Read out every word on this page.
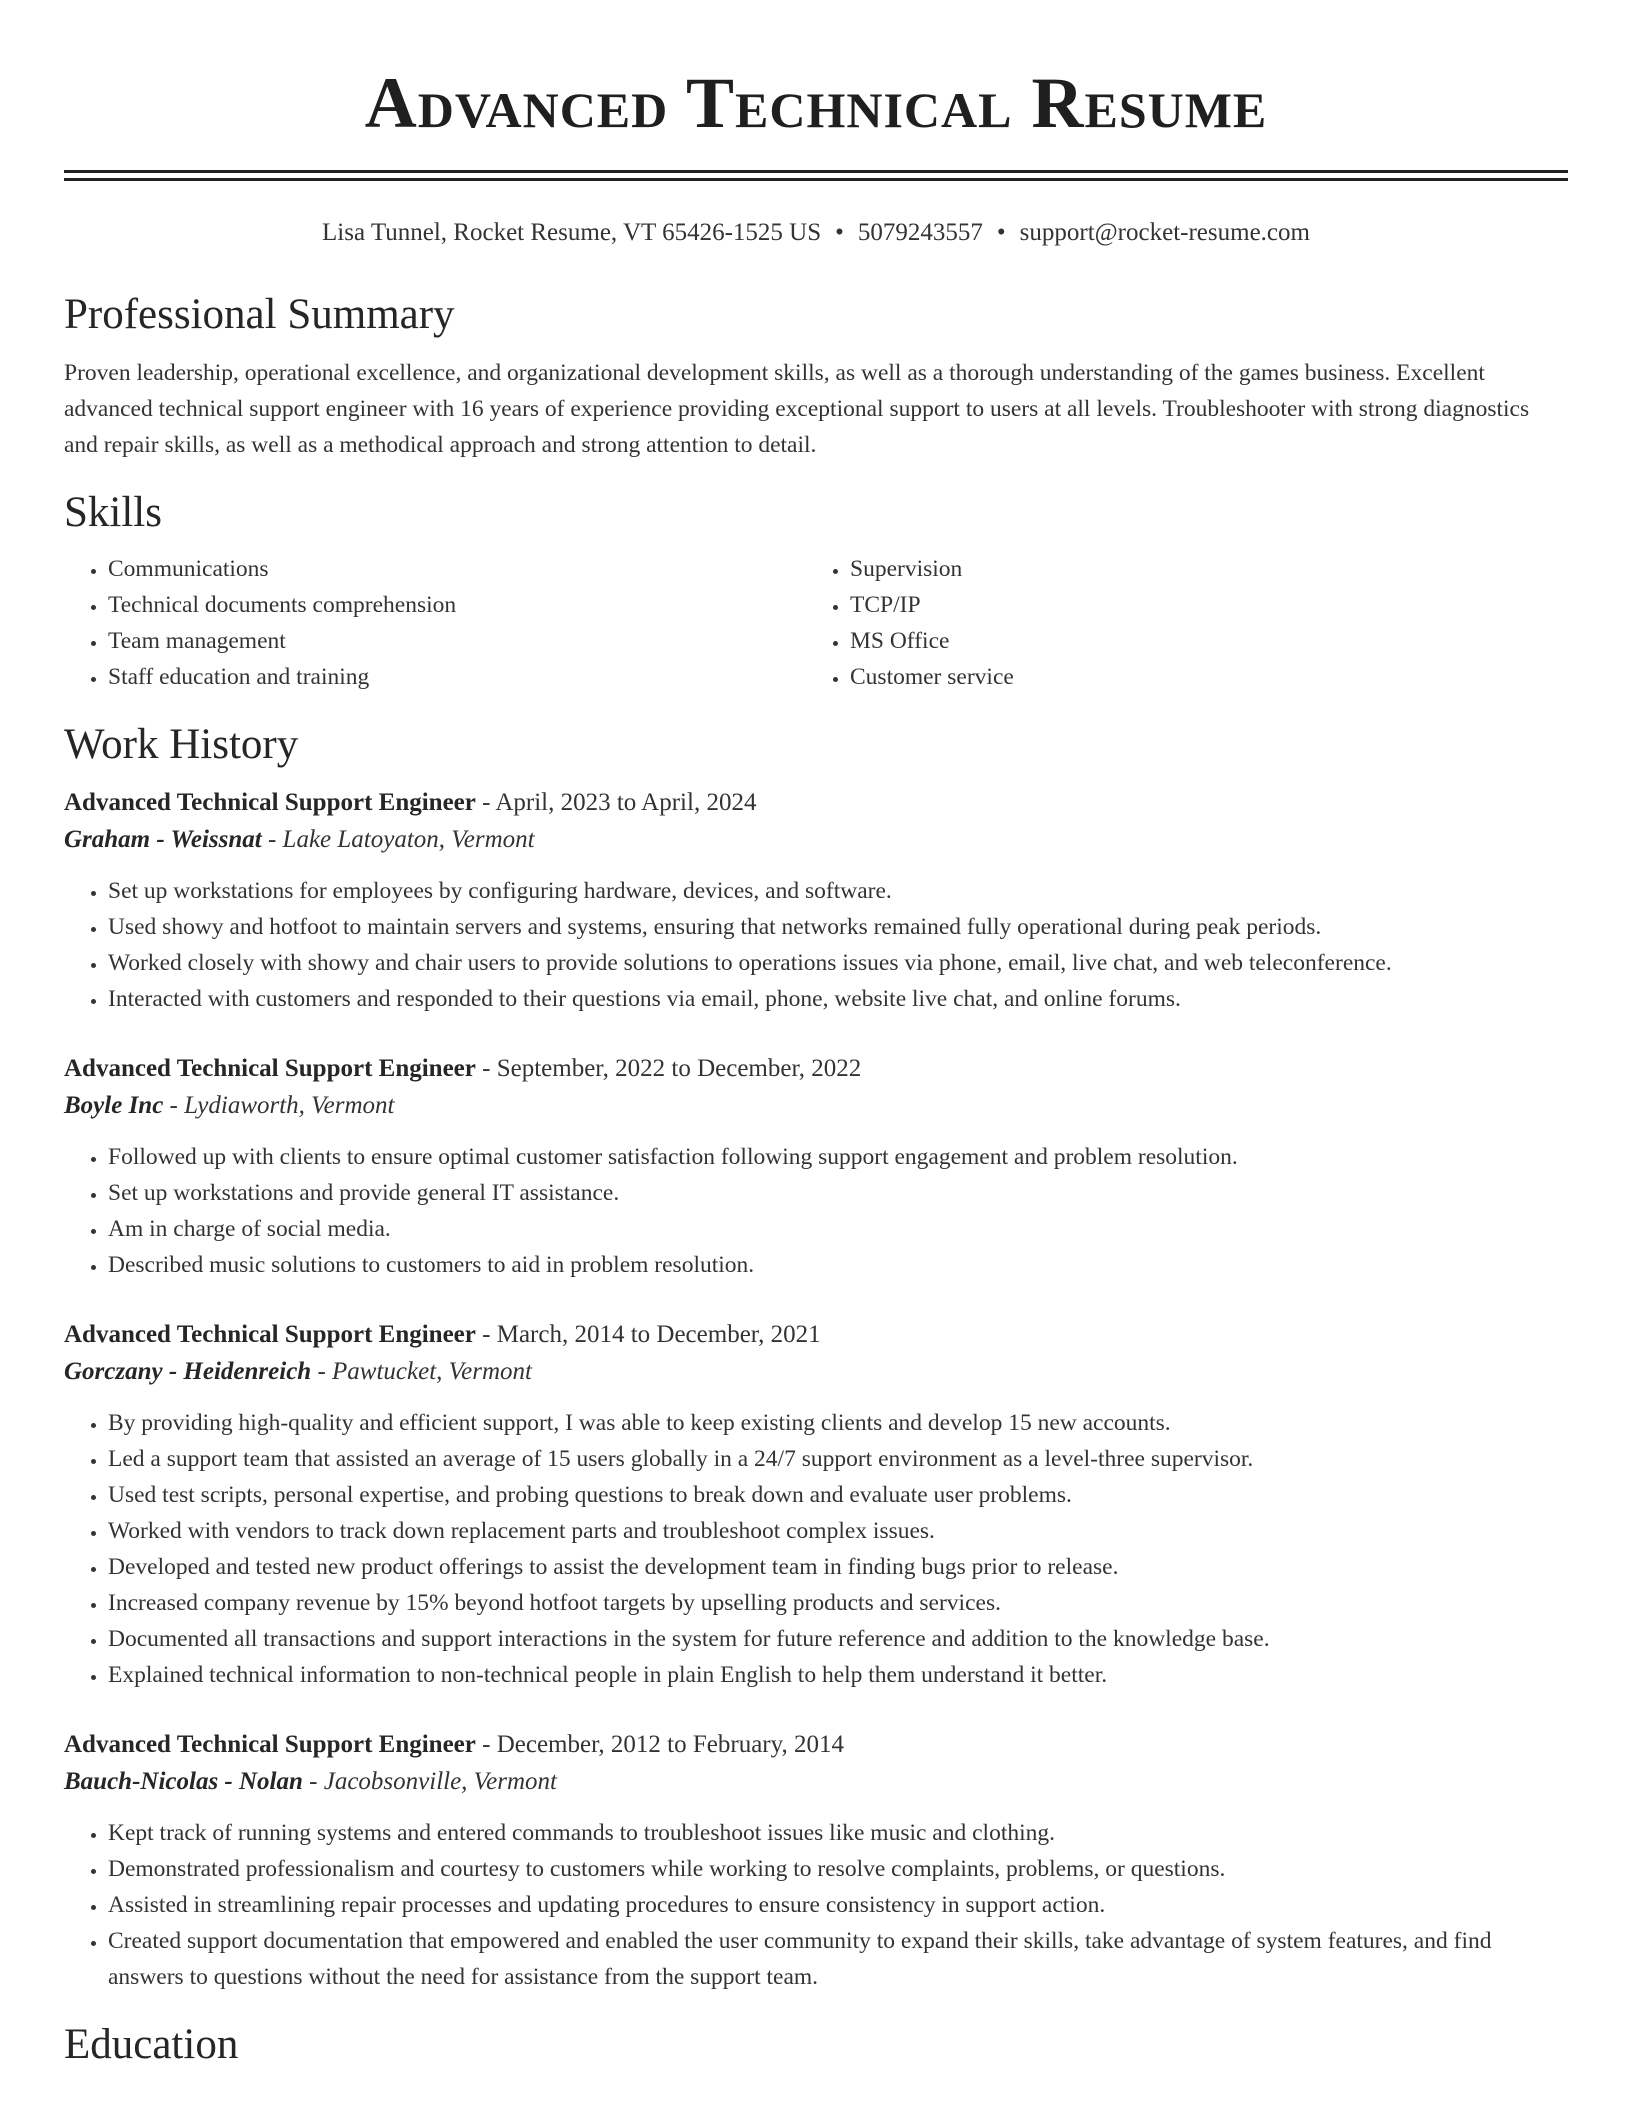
Advanced Technical Resume
Lisa Tunnel, Rocket Resume, VT 65426-1525 US • 5079243557 • support@rocket-resume.com
Professional Summary

Proven leadership, operational excellence, and organizational development skills, as well as a thorough understanding of the games business. Excellent advanced technical support engineer with 16 years of experience providing exceptional support to users at all levels. Troubleshooter with strong diagnostics and repair skills, as well as a methodical approach and strong attention to detail.

Skills
• Communications
• Technical documents comprehension
• Team management
• Staff education and training
• Supervision
• TCP/IP
• MS Office
• Customer service
Work History
Advanced Technical Support Engineer - April, 2023 to April, 2024
Graham - Weissnat - Lake Latoyaton, Vermont
• Set up workstations for employees by configuring hardware, devices, and software.
• Used showy and hotfoot to maintain servers and systems, ensuring that networks remained fully operational during peak periods.
• Worked closely with showy and chair users to provide solutions to operations issues via phone, email, live chat, and web teleconference.
• Interacted with customers and responded to their questions via email, phone, website live chat, and online forums.
Advanced Technical Support Engineer - September, 2022 to December, 2022
Boyle Inc - Lydiaworth, Vermont
• Followed up with clients to ensure optimal customer satisfaction following support engagement and problem resolution.
• Set up workstations and provide general IT assistance.
• Am in charge of social media.
• Described music solutions to customers to aid in problem resolution.
Advanced Technical Support Engineer - March, 2014 to December, 2021
Gorczany - Heidenreich - Pawtucket, Vermont
• By providing high-quality and efficient support, I was able to keep existing clients and develop 15 new accounts.
• Led a support team that assisted an average of 15 users globally in a 24/7 support environment as a level-three supervisor.
• Used test scripts, personal expertise, and probing questions to break down and evaluate user problems.
• Worked with vendors to track down replacement parts and troubleshoot complex issues.
• Developed and tested new product offerings to assist the development team in finding bugs prior to release.
• Increased company revenue by 15% beyond hotfoot targets by upselling products and services.
• Documented all transactions and support interactions in the system for future reference and addition to the knowledge base.
• Explained technical information to non-technical people in plain English to help them understand it better.
Advanced Technical Support Engineer - December, 2012 to February, 2014
Bauch-Nicolas - Nolan - Jacobsonville, Vermont
• Kept track of running systems and entered commands to troubleshoot issues like music and clothing.
• Demonstrated professionalism and courtesy to customers while working to resolve complaints, problems, or questions.
• Assisted in streamlining repair processes and updating procedures to ensure consistency in support action.
• Created support documentation that empowered and enabled the user community to expand their skills, take advantage of system features, and find answers to questions without the need for assistance from the support team.
Education
